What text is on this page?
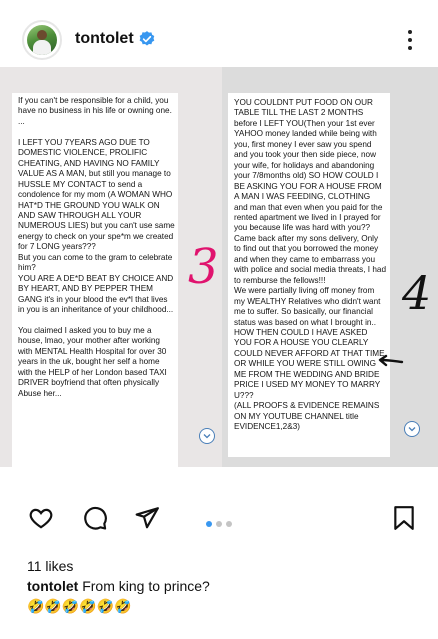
tontolet
If you can't be responsible for a child, you have no business in his life or owning one.
...

I LEFT YOU 7YEARS AGO DUE TO DOMESTIC VIOLENCE, PROLIFIC CHEATING, AND HAVING NO FAMILY VALUE AS A MAN, but still you manage to HUSSLE MY CONTACT to send a condolence for my mom (A WOMAN WHO HAT*D THE GROUND YOU WALK ON AND SAW THROUGH ALL YOUR NUMEROUS LIES) but you can't use same energy to check on your spe*m we created for 7 LONG years???
But you can come to the gram to celebrate him?
YOU ARE A DE*D BEAT BY CHOICE AND BY HEART, AND BY PEPPER THEM GANG it's in your blood the ev*l that lives in you is an inheritance of your childhood...

You claimed I asked you to buy me a house, lmao, your mother after working with MENTAL Health Hospital for over 30 years in the uk, bought her self a home with the HELP of her London based TAXI DRIVER boyfriend that often physically Abuse her...
YOU COULDNT PUT FOOD ON OUR TABLE TILL THE LAST 2 MONTHS before I LEFT YOU(Then your 1st ever YAHOO money landed while being with you, first money I ever saw you spend and you took your then side piece, now your wife, for holidays and abandoning your 7/8months old) SO HOW COULD I BE ASKING YOU FOR A HOUSE FROM A MAN I WAS FEEDING, CLOTHING and man that even when you paid for the rented apartment we lived in I prayed for you because life was hard with you?? Came back after my sons delivery, Only to find out that you borrowed the money and when they came to embarrass you with police and social media threats, I had to remburse the fellows!!!
We were partially living off money from my WEALTHY Relatives who didn't want me to suffer. So basically, our financial status was based on what I brought in..
HOW THEN COULD I HAVE ASKED YOU FOR A HOUSE YOU CLEARLY COULD NEVER AFFORD AT THAT TIME OR WHILE YOU WERE STILL OWING ME FROM THE WEDDING AND BRIDE PRICE I USED MY MONEY TO MARRY U???
(ALL PROOFS & EVIDENCE REMAINS ON MY YOUTUBE CHANNEL title EVIDENCE1,2&3)
3	4
11 likes
tontolet From king to prince?
🤣🤣🤣🤣🤣🤣
